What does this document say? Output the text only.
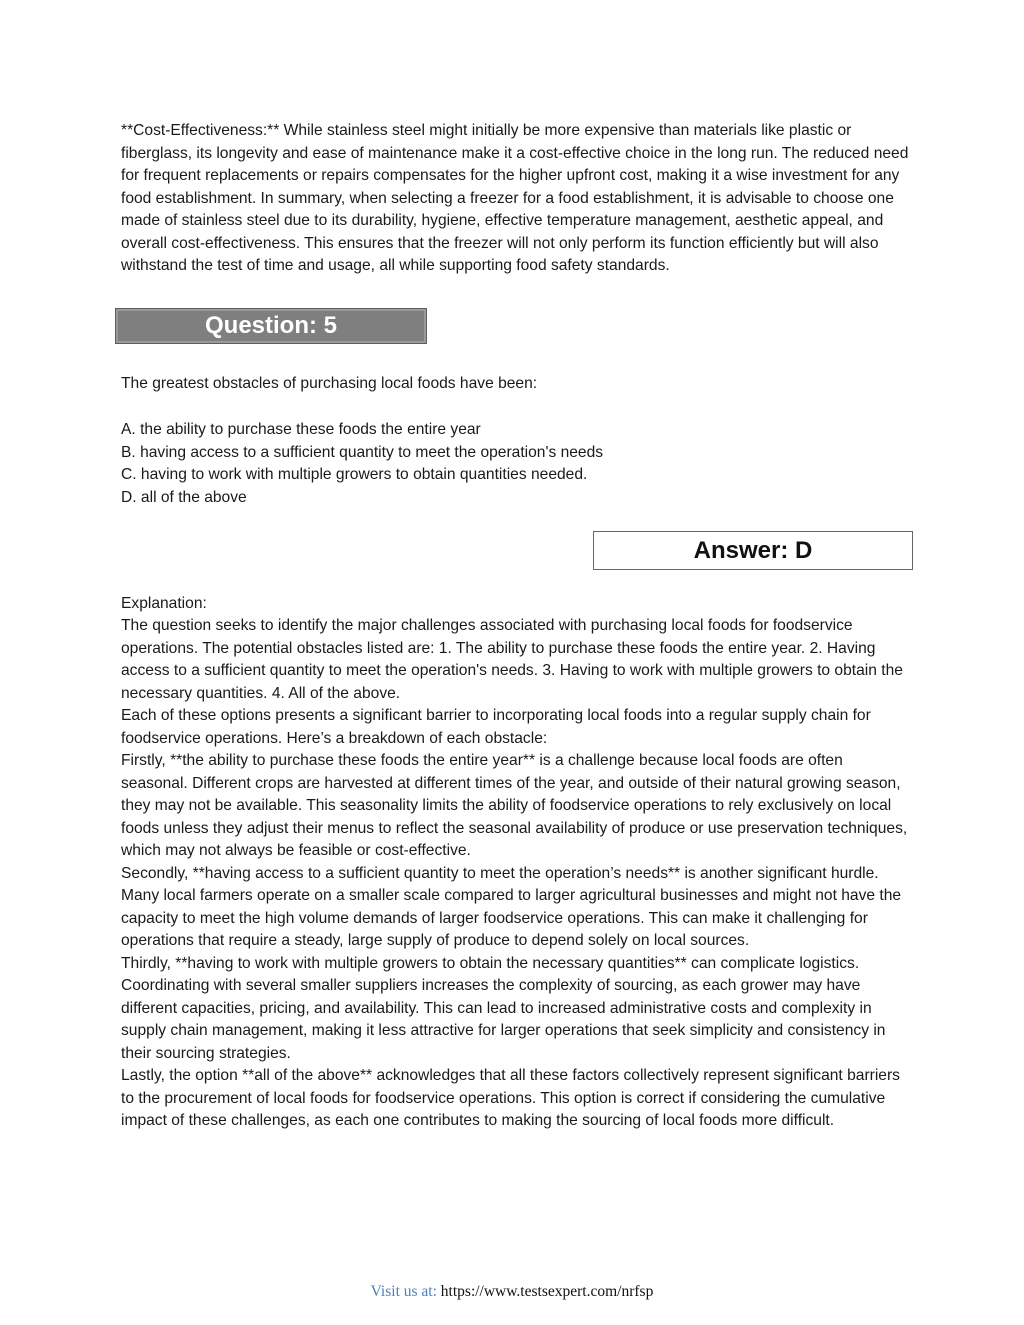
**Cost-Effectiveness:** While stainless steel might initially be more expensive than materials like plastic or fiberglass, its longevity and ease of maintenance make it a cost-effective choice in the long run. The reduced need for frequent replacements or repairs compensates for the higher upfront cost, making it a wise investment for any food establishment. In summary, when selecting a freezer for a food establishment, it is advisable to choose one made of stainless steel due to its durability, hygiene, effective temperature management, aesthetic appeal, and overall cost-effectiveness. This ensures that the freezer will not only perform its function efficiently but will also withstand the test of time and usage, all while supporting food safety standards.

Question: 5

The greatest obstacles of purchasing local foods have been:

A. the ability to purchase these foods the entire year
B. having access to a sufficient quantity to meet the operation's needs
C. having to work with multiple growers to obtain quantities needed.
D. all of the above
Answer: D

Explanation:

The question seeks to identify the major challenges associated with purchasing local foods for foodservice operations. The potential obstacles listed are: 1. The ability to purchase these foods the entire year. 2. Having access to a sufficient quantity to meet the operation's needs. 3. Having to work with multiple growers to obtain the necessary quantities. 4. All of the above.
Each of these options presents a significant barrier to incorporating local foods into a regular supply chain for foodservice operations. Here’s a breakdown of each obstacle:
Firstly, **the ability to purchase these foods the entire year** is a challenge because local foods are often seasonal. Different crops are harvested at different times of the year, and outside of their natural growing season, they may not be available. This seasonality limits the ability of foodservice operations to rely exclusively on local foods unless they adjust their menus to reflect the seasonal availability of produce or use preservation techniques, which may not always be feasible or cost-effective.
Secondly, **having access to a sufficient quantity to meet the operation’s needs** is another significant hurdle. Many local farmers operate on a smaller scale compared to larger agricultural businesses and might not have the capacity to meet the high volume demands of larger foodservice operations. This can make it challenging for operations that require a steady, large supply of produce to depend solely on local sources.
Thirdly, **having to work with multiple growers to obtain the necessary quantities** can complicate logistics. Coordinating with several smaller suppliers increases the complexity of sourcing, as each grower may have different capacities, pricing, and availability. This can lead to increased administrative costs and complexity in supply chain management, making it less attractive for larger operations that seek simplicity and consistency in their sourcing strategies.
Lastly, the option **all of the above** acknowledges that all these factors collectively represent significant barriers to the procurement of local foods for foodservice operations. This option is correct if considering the cumulative impact of these challenges, as each one contributes to making the sourcing of local foods more difficult.
Visit us at: https://www.testsexpert.com/nrfsp
